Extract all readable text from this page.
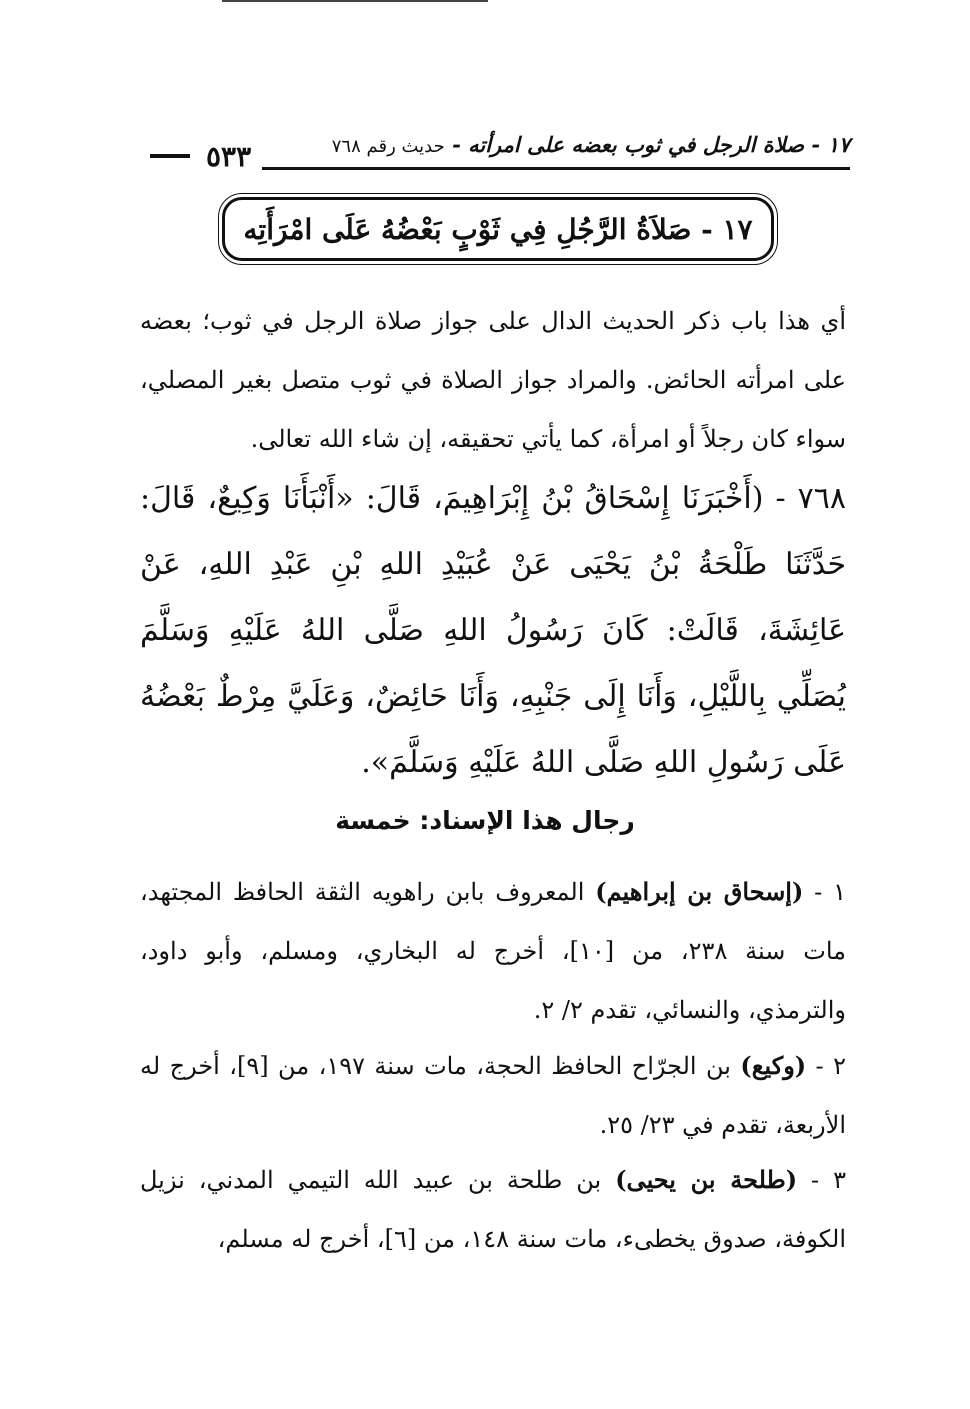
١٧ - صلاة الرجل في ثوب بعضه على امرأته - حديث رقم ٧٦٨
٥٣٣
١٧ - صَلاَةُ الرَّجُلِ فِي ثَوْبٍ بَعْضُهُ عَلَى امْرَأَتِه

أي هذا باب ذكر الحديث الدال على جواز صلاة الرجل في ثوب؛ بعضه على امرأته الحائض. والمراد جواز الصلاة في ثوب متصل بغير المصلي، سواء كان رجلاً أو امرأة، كما يأتي تحقيقه، إن شاء الله تعالى.

٧٦٨ - (أَخْبَرَنَا إِسْحَاقُ بْنُ إِبْرَاهِيمَ، قَالَ: «أَنْبَأَنَا وَكِيعٌ، قَالَ: حَدَّثَنَا طَلْحَةُ بْنُ يَحْيَى عَنْ عُبَيْدِ اللهِ بْنِ عَبْدِ اللهِ، عَنْ عَائِشَةَ، قَالَتْ: كَانَ رَسُولُ اللهِ صَلَّى اللهُ عَلَيْهِ وَسَلَّمَ يُصَلِّي بِاللَّيْلِ، وَأَنَا إِلَى جَنْبِهِ، وَأَنَا حَائِضٌ، وَعَلَيَّ مِرْطٌ بَعْضُهُ عَلَى رَسُولِ اللهِ صَلَّى اللهُ عَلَيْهِ وَسَلَّمَ».

رجال هذا الإسناد: خمسة

١ - (إسحاق بن إبراهيم) المعروف بابن راهويه الثقة الحافظ المجتهد، مات سنة ٢٣٨، من [١٠]، أخرج له البخاري، ومسلم، وأبو داود، والترمذي، والنسائي، تقدم ٢/ ٢.

٢ - (وكيع) بن الجرّاح الحافظ الحجة، مات سنة ١٩٧، من [٩]، أخرج له الأربعة، تقدم في ٢٣/ ٢٥.

٣ - (طلحة بن يحيى) بن طلحة بن عبيد الله التيمي المدني، نزيل الكوفة، صدوق يخطىء، مات سنة ١٤٨، من [٦]، أخرج له مسلم،
